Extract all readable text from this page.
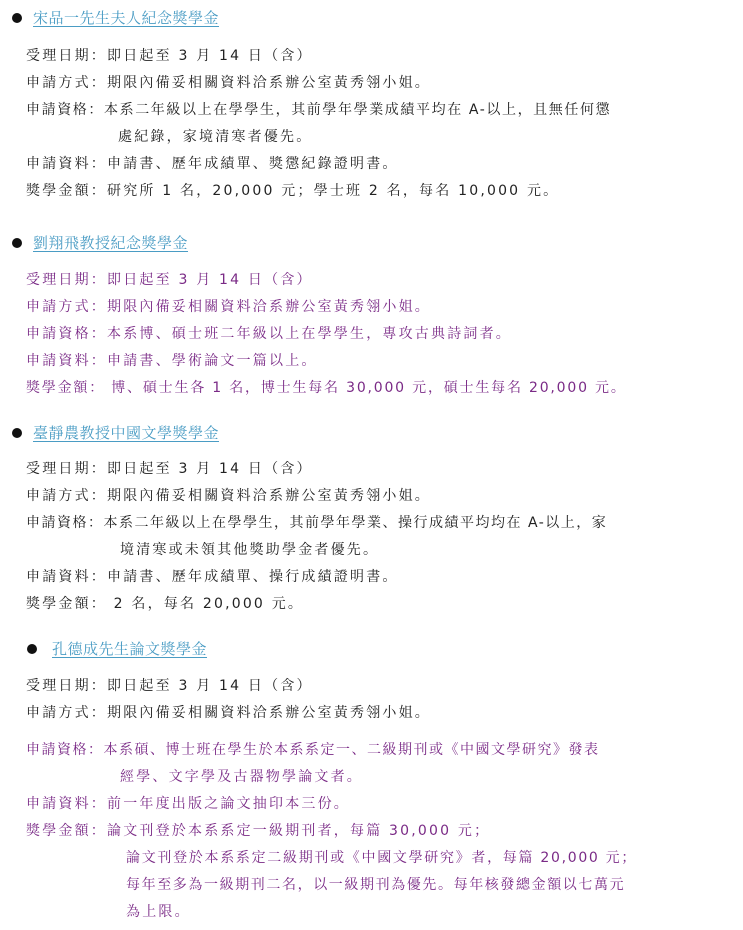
宋品一先生夫人紀念獎學金
受理日期：即日起至 3 月 14 日（含）
申請方式：期限內備妥相關資料洽系辦公室黃秀翎小姐。
申請資格：本系二年級以上在學學生，其前學年學業成績平均在 A-以上，且無任何懲
處紀錄，家境清寒者優先。
申請資料：申請書、歷年成績單、獎懲紀錄證明書。
獎學金額：研究所 1 名，20,000 元；學士班 2 名，每名 10,000 元。
劉翔飛教授紀念獎學金
受理日期：即日起至 3 月 14 日（含）
申請方式：期限內備妥相關資料洽系辦公室黃秀翎小姐。
申請資格：本系博、碩士班二年級以上在學學生，專攻古典詩詞者。
申請資料：申請書、學術論文一篇以上。
獎學金額： 博、碩士生各 1 名，博士生每名 30,000 元，碩士生每名 20,000 元。
臺靜農教授中國文學獎學金
受理日期：即日起至 3 月 14 日（含）
申請方式：期限內備妥相關資料洽系辦公室黃秀翎小姐。
申請資格：本系二年級以上在學學生，其前學年學業、操行成績平均均在 A-以上，家
境清寒或未領其他獎助學金者優先。
申請資料：申請書、歷年成績單、操行成績證明書。
獎學金額： 2 名，每名 20,000 元。
孔德成先生論文獎學金
受理日期：即日起至 3 月 14 日（含）
申請方式：期限內備妥相關資料洽系辦公室黃秀翎小姐。
申請資格：本系碩、博士班在學生於本系系定一、二級期刊或《中國文學研究》發表
經學、文字學及古器物學論文者。
申請資料：前一年度出版之論文抽印本三份。
獎學金額：論文刊登於本系系定一級期刊者，每篇 30,000 元；
論文刊登於本系系定二級期刊或《中國文學研究》者，每篇 20,000 元；
每年至多為一級期刊二名，以一級期刊為優先。每年核發總金額以七萬元
為上限。
